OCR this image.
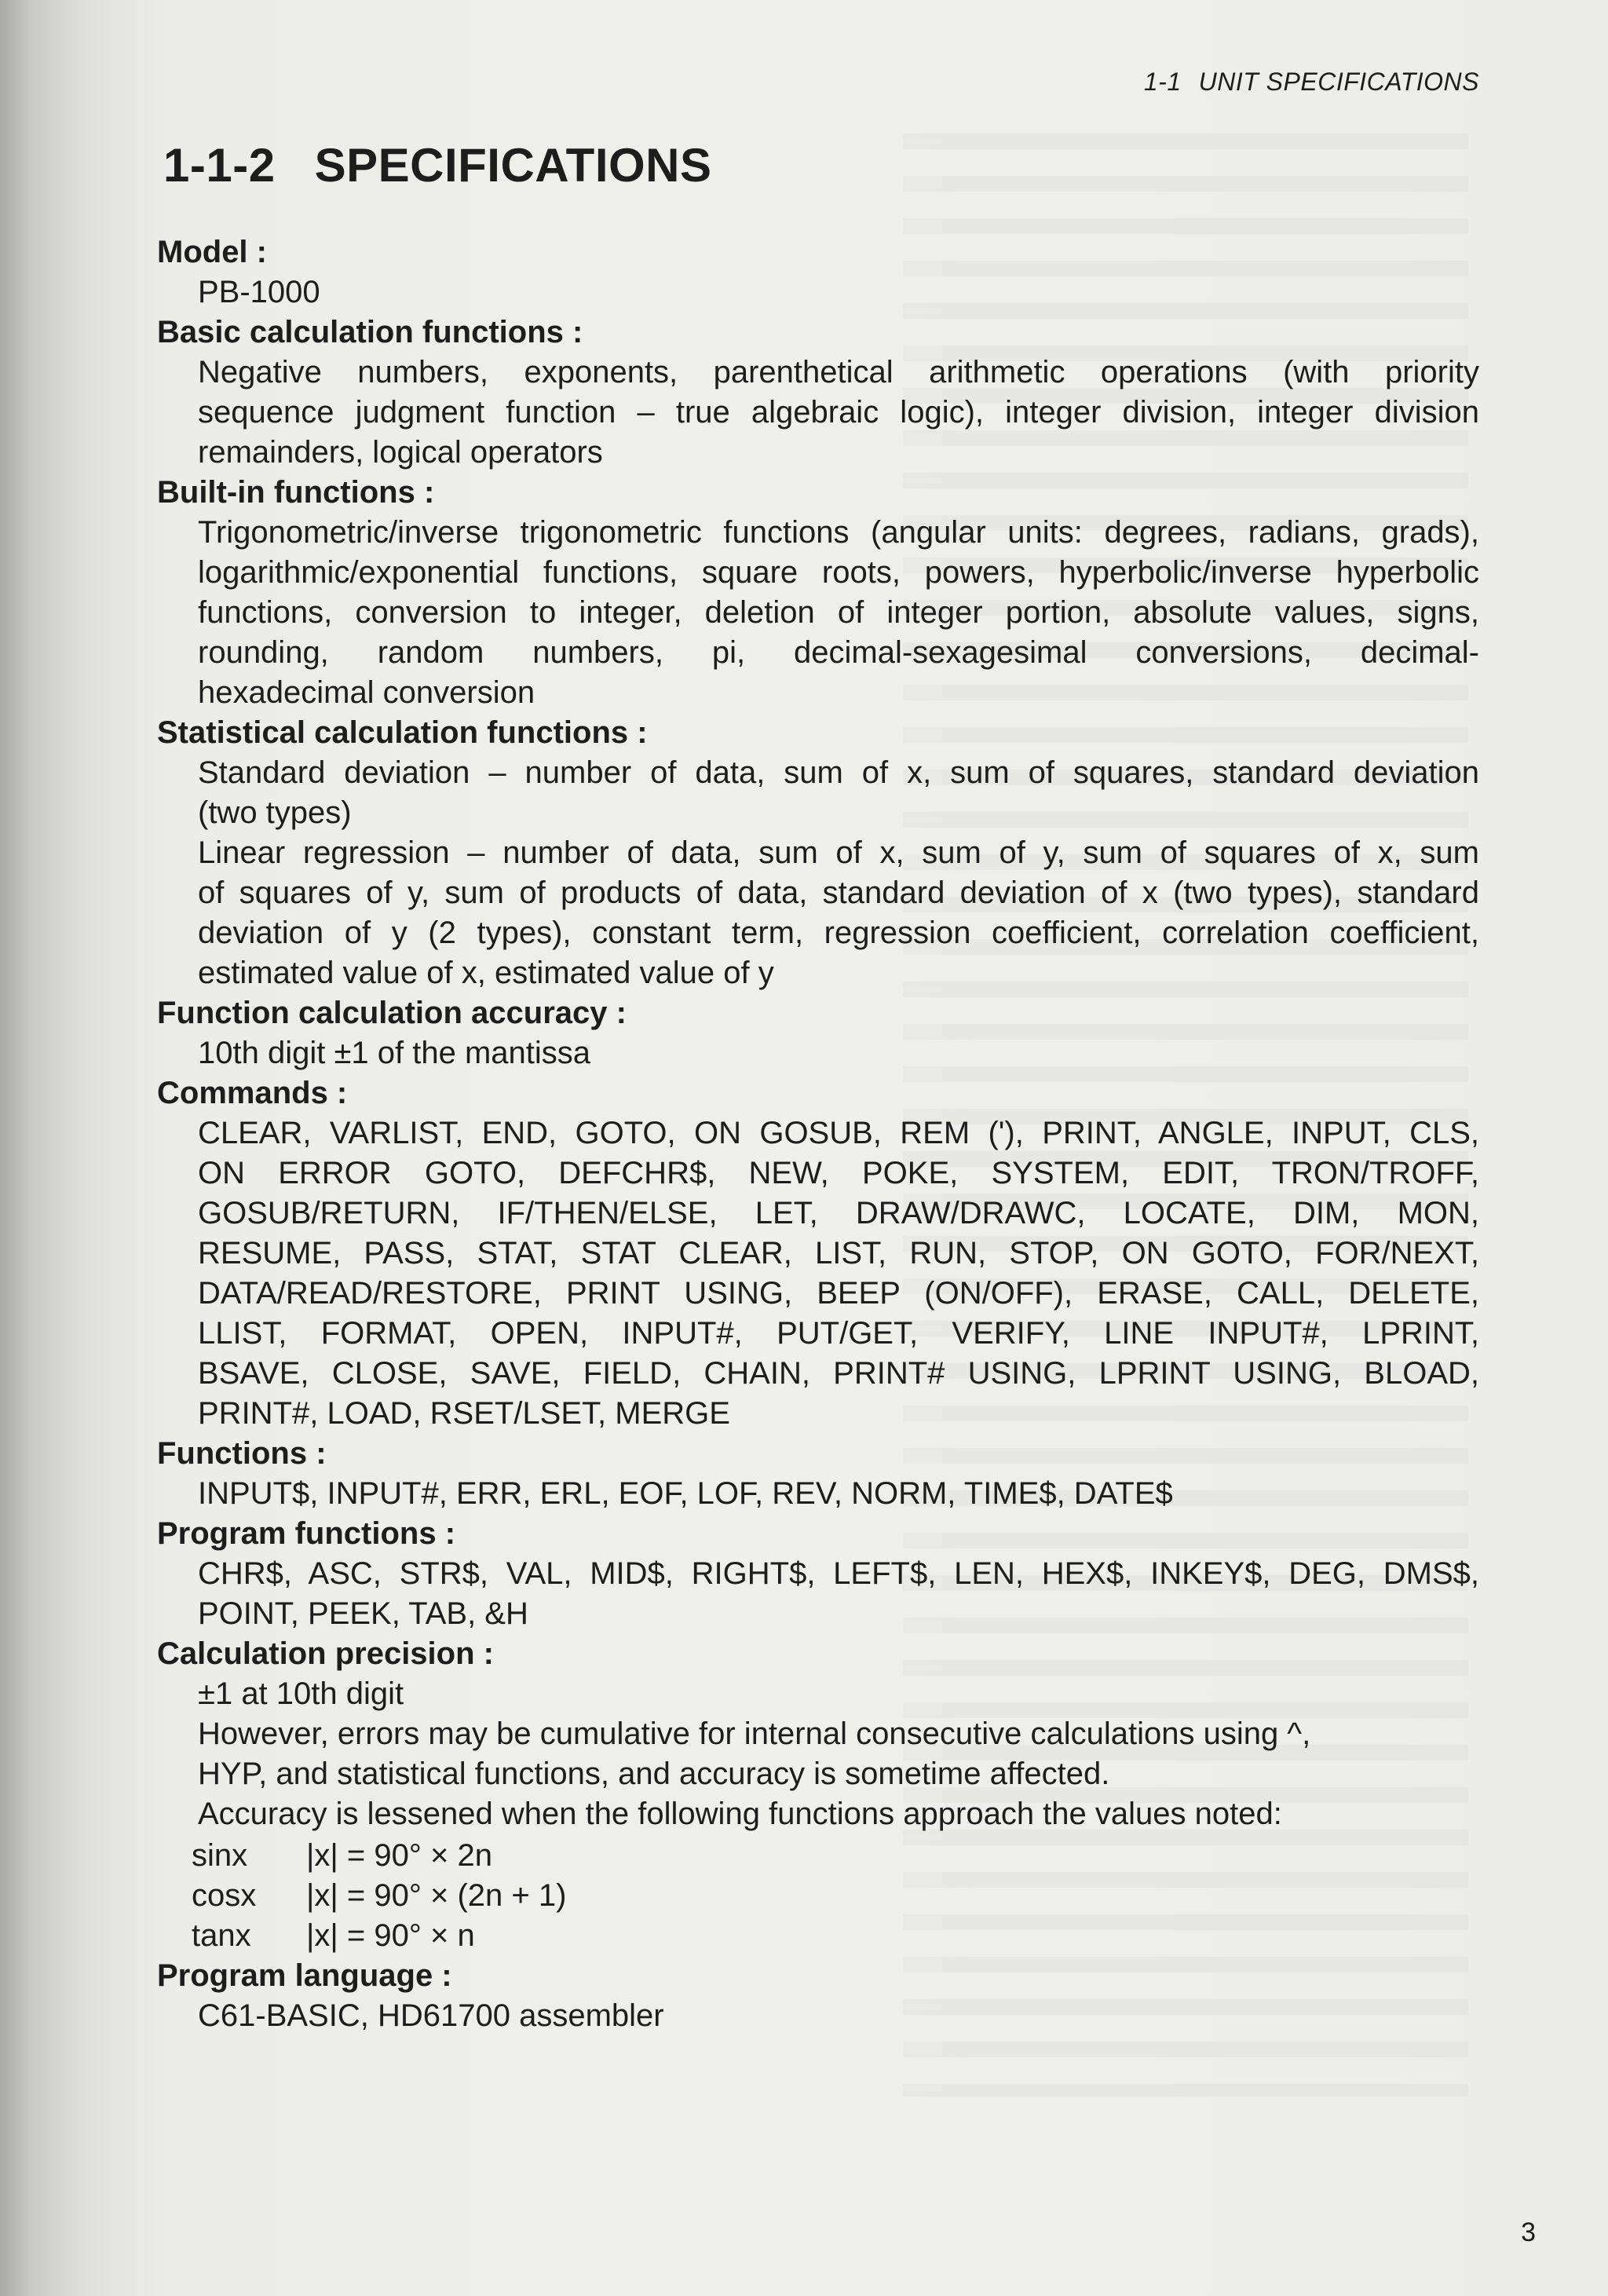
1-1 UNIT SPECIFICATIONS
1-1-2 SPECIFICATIONS
Model :

PB-1000

Basic calculation functions :

Negative numbers, exponents, parenthetical arithmetic operations (with priority

sequence judgment function – true algebraic logic), integer division, integer division

remainders, logical operators

Built-in functions :

Trigonometric/inverse trigonometric functions (angular units: degrees, radians, grads),

logarithmic/exponential functions, square roots, powers, hyperbolic/inverse hyperbolic

functions, conversion to integer, deletion of integer portion, absolute values, signs,

rounding, random numbers, pi, decimal-sexagesimal conversions, decimal-

hexadecimal conversion

Statistical calculation functions :

Standard deviation – number of data, sum of x, sum of squares, standard deviation

(two types)

Linear regression – number of data, sum of x, sum of y, sum of squares of x, sum

of squares of y, sum of products of data, standard deviation of x (two types), standard

deviation of y (2 types), constant term, regression coefficient, correlation coefficient,

estimated value of x, estimated value of y

Function calculation accuracy :

10th digit ±1 of the mantissa

Commands :

CLEAR, VARLIST, END, GOTO, ON GOSUB, REM ('), PRINT, ANGLE, INPUT, CLS,

ON ERROR GOTO, DEFCHR$, NEW, POKE, SYSTEM, EDIT, TRON/TROFF,

GOSUB/RETURN, IF/THEN/ELSE, LET, DRAW/DRAWC, LOCATE, DIM, MON,

RESUME, PASS, STAT, STAT CLEAR, LIST, RUN, STOP, ON GOTO, FOR/NEXT,

DATA/READ/RESTORE, PRINT USING, BEEP (ON/OFF), ERASE, CALL, DELETE,

LLIST, FORMAT, OPEN, INPUT#, PUT/GET, VERIFY, LINE INPUT#, LPRINT,

BSAVE, CLOSE, SAVE, FIELD, CHAIN, PRINT# USING, LPRINT USING, BLOAD,

PRINT#, LOAD, RSET/LSET, MERGE

Functions :

INPUT$, INPUT#, ERR, ERL, EOF, LOF, REV, NORM, TIME$, DATE$

Program functions :

CHR$, ASC, STR$, VAL, MID$, RIGHT$, LEFT$, LEN, HEX$, INKEY$, DEG, DMS$,

POINT, PEEK, TAB, &H

Calculation precision :

±1 at 10th digit

However, errors may be cumulative for internal consecutive calculations using ^,

HYP, and statistical functions, and accuracy is sometime affected.

Accuracy is lessened when the following functions approach the values noted:

sinx	|x| = 90° × 2n
cosx	|x| = 90° × (2n + 1)
tanx	|x| = 90° × n
Program language :

C61-BASIC, HD61700 assembler

3
